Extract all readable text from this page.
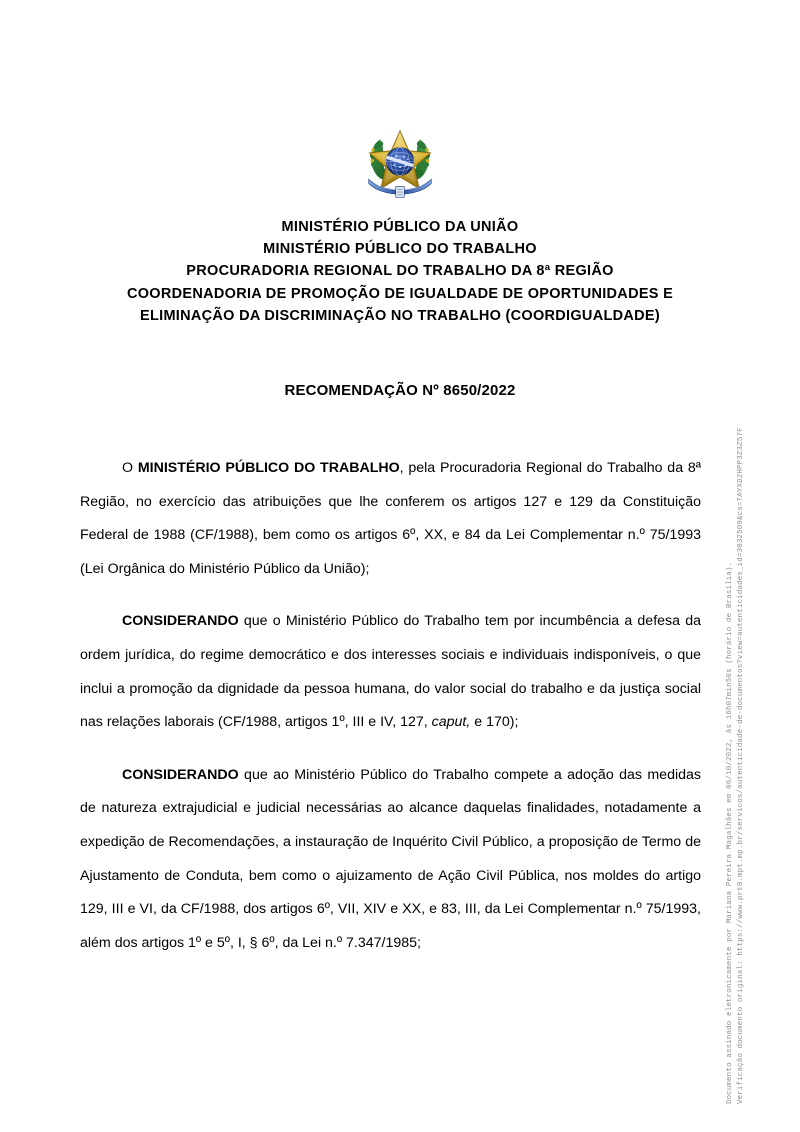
MINISTÉRIO PÚBLICO DA UNIÃO
MINISTÉRIO PÚBLICO DO TRABALHO
PROCURADORIA REGIONAL DO TRABALHO DA 8ª REGIÃO
COORDENADORIA DE PROMOÇÃO DE IGUALDADE DE OPORTUNIDADES E
ELIMINAÇÃO DA DISCRIMINAÇÃO NO TRABALHO (COORDIGUALDADE)
RECOMENDAÇÃO Nº 8650/2022

O MINISTÉRIO PÚBLICO DO TRABALHO, pela Procuradoria Regional do Trabalho da 8ª Região, no exercício das atribuições que lhe conferem os artigos 127 e 129 da Constituição Federal de 1988 (CF/1988), bem como os artigos 6º, XX, e 84 da Lei Complementar n.º 75/1993 (Lei Orgânica do Ministério Público da União);

CONSIDERANDO que o Ministério Público do Trabalho tem por incumbência a defesa da ordem jurídica, do regime democrático e dos interesses sociais e individuais indisponíveis, o que inclui a promoção da dignidade da pessoa humana, do valor social do trabalho e da justiça social nas relações laborais (CF/1988, artigos 1º, III e IV, 127, caput, e 170);

CONSIDERANDO que ao Ministério Público do Trabalho compete a adoção das medidas de natureza extrajudicial e judicial necessárias ao alcance daquelas finalidades, notadamente a expedição de Recomendações, a instauração de Inquérito Civil Público, a proposição de Termo de Ajustamento de Conduta, bem como o ajuizamento de Ação Civil Pública, nos moldes do artigo 129, III e VI, da CF/1988, dos artigos 6º, VII, XIV e XX, e 83, III, da Lei Complementar n.º 75/1993, além dos artigos 1º e 5º, I, § 6º, da Lei n.º 7.347/1985;	Documento assinado eletronicamente por Mariana Pereira Magalhães em 06/10/2022, às 16h07min50s (horário de Brasília). Verificação documento original: https://www.prt8.mpt.mp.br/servicos/autenticidade-de-documentos?view=autenticidades_id=3032509&cs=TAYXD2HPP3Z3Z57F
